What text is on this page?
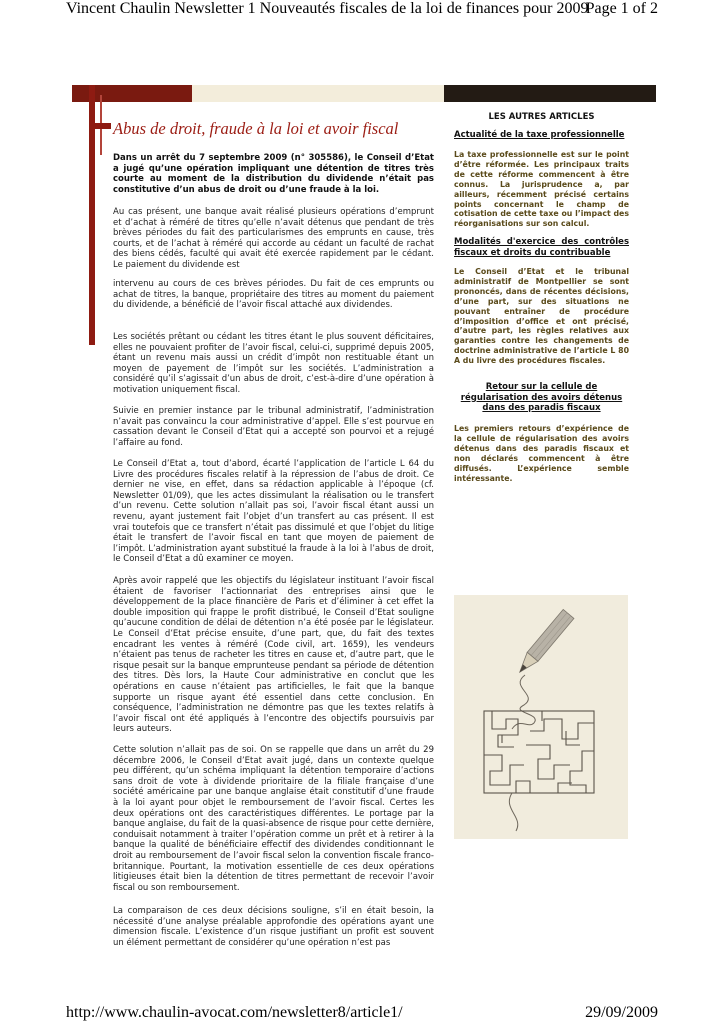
Vincent Chaulin Newsletter 1 Nouveautés fiscales de la loi de finances pour 2009
Page 1 of 2
Abus de droit, fraude à la loi et avoir fiscal
Dans un arrêt du 7 septembre 2009 (n° 305586), le Conseil d’Etat a jugé qu’une opération impliquant une détention de titres très courte au moment de la distribution du dividende n’était pas constitutive d’un abus de droit ou d’une fraude à la loi.
Au cas présent, une banque avait réalisé plusieurs opérations d’emprunt et d’achat à réméré de titres qu’elle n’avait détenus que pendant de très brèves périodes du fait des particularismes des emprunts en cause, très courts, et de l’achat à réméré qui accorde au cédant un faculté de rachat des biens cédés, faculté qui avait été exercée rapidement par le cédant. Le paiement du dividende est
intervenu au cours de ces brèves périodes. Du fait de ces emprunts ou achat de titres, la banque, propriétaire des titres au moment du paiement du dividende, a bénéficié de l’avoir fiscal attaché aux dividendes.
Les sociétés prêtant ou cédant les titres étant le plus souvent déficitaires, elles ne pouvaient profiter de l’avoir fiscal, celui-ci, supprimé depuis 2005, étant un revenu mais aussi un crédit d’impôt non restituable étant un moyen de payement de l’impôt sur les sociétés. L’administration a considéré qu’il s’agissait d’un abus de droit, c’est-à-dire d’une opération à motivation uniquement fiscal.
Suivie en premier instance par le tribunal administratif, l’administration n’avait pas convaincu la cour administrative d’appel. Elle s’est pourvue en cassation devant le Conseil d’Etat qui a accepté son pourvoi et a rejugé l’affaire au fond.
Le Conseil d’Etat a, tout d’abord, écarté l’application de l’article L 64 du Livre des procédures fiscales relatif à la répression de l’abus de droit. Ce dernier ne vise, en effet, dans sa rédaction applicable à l’époque (cf. Newsletter 01/09), que les actes dissimulant la réalisation ou le transfert d’un revenu. Cette solution n’allait pas soi, l’avoir fiscal étant aussi un revenu, ayant justement fait l’objet d’un transfert au cas présent. Il est vrai toutefois que ce transfert n’était pas dissimulé et que l’objet du litige était le transfert de l’avoir fiscal en tant que moyen de paiement de l’impôt. L’administration ayant substitué la fraude à la loi à l’abus de droit, le Conseil d’Etat a dû examiner ce moyen.
Après avoir rappelé que les objectifs du législateur instituant l’avoir fiscal étaient de favoriser l’actionnariat des entreprises ainsi que le développement de la place financière de Paris et d’éliminer à cet effet la double imposition qui frappe le profit distribué, le Conseil d’Etat souligne qu’aucune condition de délai de détention n’a été posée par le législateur. Le Conseil d’Etat précise ensuite, d’une part, que, du fait des textes encadrant les ventes à réméré (Code civil, art. 1659), les vendeurs n’étaient pas tenus de racheter les titres en cause et, d’autre part, que le risque pesait sur la banque emprunteuse pendant sa période de détention des titres. Dès lors, la Haute Cour administrative en conclut que les opérations en cause n’étaient pas artificielles, le fait que la banque supporte un risque ayant été essentiel dans cette conclusion. En conséquence, l’administration ne démontre pas que les textes relatifs à l’avoir fiscal ont été appliqués à l’encontre des objectifs poursuivis par leurs auteurs.
Cette solution n’allait pas de soi. On se rappelle que dans un arrêt du 29 décembre 2006, le Conseil d’Etat avait jugé, dans un contexte quelque peu différent, qu’un schéma impliquant la détention temporaire d’actions sans droit de vote à dividende prioritaire de la filiale française d’une société américaine par une banque anglaise était constitutif d’une fraude à la loi ayant pour objet le remboursement de l’avoir fiscal. Certes les deux opérations ont des caractéristiques différentes. Le portage par la banque anglaise, du fait de la quasi-absence de risque pour cette dernière, conduisait notamment à traiter l’opération comme un prêt et à retirer à la banque la qualité de bénéficiaire effectif des dividendes conditionnant le droit au remboursement de l’avoir fiscal selon la convention fiscale franco-britannique. Pourtant, la motivation essentielle de ces deux opérations litigieuses était bien la détention de titres permettant de recevoir l’avoir fiscal ou son remboursement.
La comparaison de ces deux décisions souligne, s’il en était besoin, la nécessité d’une analyse préalable approfondie des opérations ayant une dimension fiscale. L’existence d’un risque justifiant un profit est souvent un élément permettant de considérer qu’une opération n’est pas
LES AUTRES ARTICLES
Actualité de la taxe professionnelle
La taxe professionnelle est sur le point d’être réformée. Les principaux traits de cette réforme commencent à être connus. La jurisprudence a, par ailleurs, récemment précisé certains points concernant le champ de cotisation de cette taxe ou l’impact des réorganisations sur son calcul.
Modalités d'exercice des contrôles fiscaux et droits du contribuable
Le Conseil d’Etat et le tribunal administratif de Montpellier se sont prononcés, dans de récentes décisions, d’une part, sur des situations ne pouvant entraîner de procédure d’imposition d’office et ont précisé, d’autre part, les règles relatives aux garanties contre les changements de doctrine administrative de l’article L 80 A du livre des procédures fiscales.
Retour sur la cellule de régularisation des avoirs détenus dans des paradis fiscaux
Les premiers retours d’expérience de la cellule de régularisation des avoirs détenus dans des paradis fiscaux et non déclarés commencent à être diffusés. L’expérience semble intéressante.
http://www.chaulin-avocat.com/newsletter8/article1/	29/09/2009
